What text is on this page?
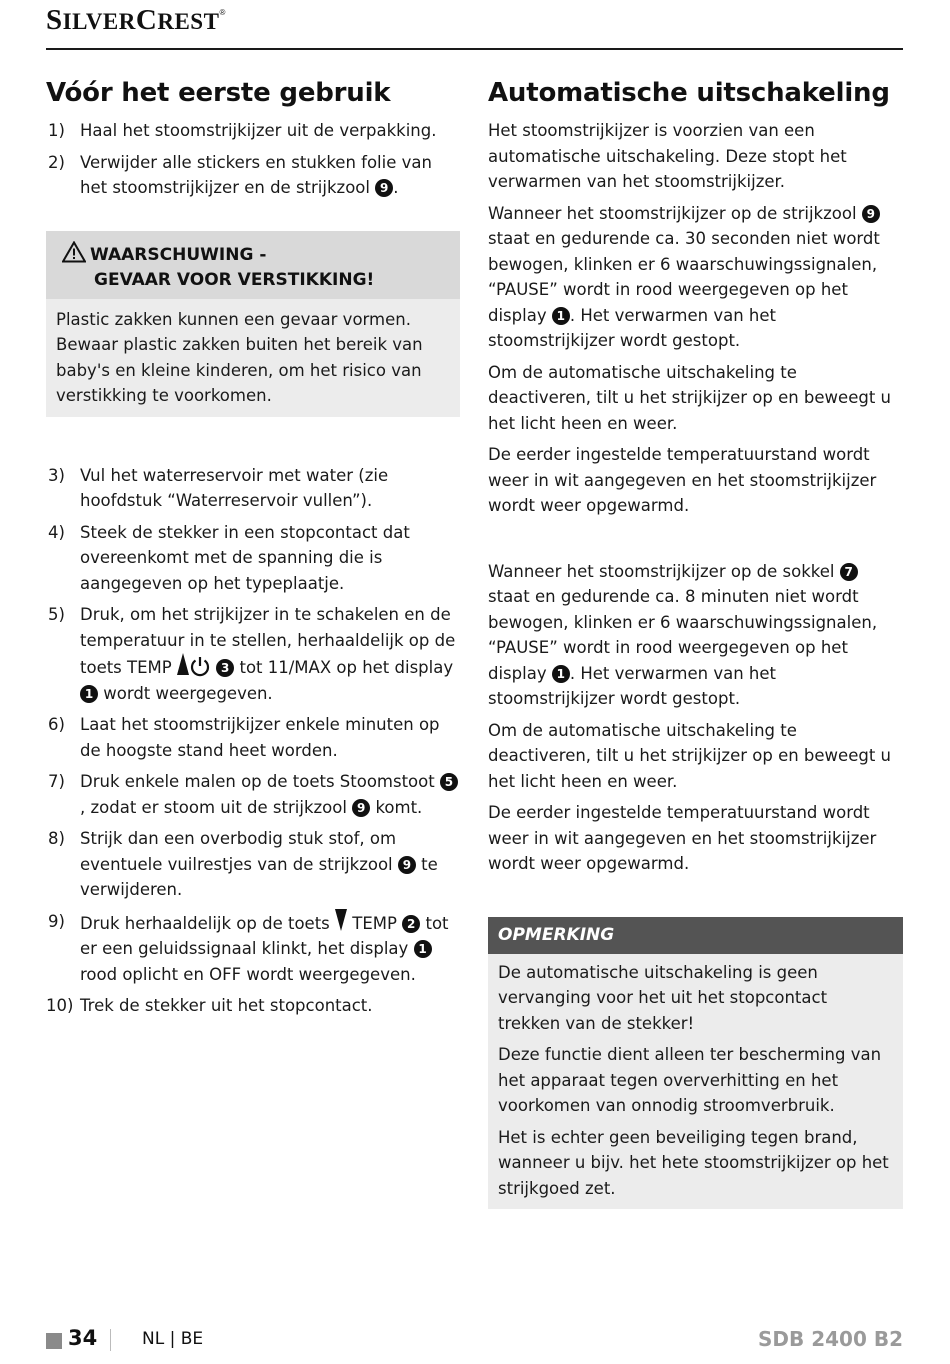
SILVERCREST®
Vóór het eerste gebruik
1) Haal het stoomstrijkijzer uit de verpakking.
2) Verwijder alle stickers en stukken folie van het stoomstrijkijzer en de strijkzool 9 .
WAARSCHUWING -
GEVAAR VOOR VERSTIKKING!

Plastic zakken kunnen een gevaar vormen. Bewaar plastic zakken buiten het bereik van baby's en kleine kinderen, om het risico van verstikking te voorkomen.

3) Vul het waterreservoir met water (zie hoofdstuk “Waterreservoir vullen”).
4) Steek de stekker in een stopcontact dat overeenkomt met de spanning die is aangegeven op het typeplaatje.
5) Druk, om het strijkijzer in te schakelen en de temperatuur in te stellen, herhaaldelijk op de toets TEMP	3 tot 11/MAX op het display 1 wordt weergegeven.
6) Laat het stoomstrijkijzer enkele minuten op de hoogste stand heet worden.
7) Druk enkele malen op de toets Stoomstoot 5, zodat er stoom uit de strijkzool 9 komt.
8) Strijk dan een overbodig stuk stof, om eventuele vuilrestjes van de strijkzool 9 te verwijderen.
9) Druk herhaaldelijk op de toets TEMP 2 tot er een geluidssignaal klinkt, het display 1 rood oplicht en OFF wordt weergegeven.
10) Trek de stekker uit het stopcontact.
Automatische uitschakeling

Het stoomstrijkijzer is voorzien van een automatische uitschakeling. Deze stopt het verwarmen van het stoomstrijkijzer.

Wanneer het stoomstrijkijzer op de strijkzool 9 staat en gedurende ca. 30 seconden niet wordt bewogen, klinken er 6 waarschuwingssignalen, “PAUSE” wordt in rood weergegeven op het display 1 . Het verwarmen van het stoomstrijkijzer wordt gestopt.

Om de automatische uitschakeling te deactiveren, tilt u het strijkijzer op en beweegt u het licht heen en weer.

De eerder ingestelde temperatuurstand wordt weer in wit aangegeven en het stoomstrijkijzer wordt weer opgewarmd.

Wanneer het stoomstrijkijzer op de sokkel 7 staat en gedurende ca. 8 minuten niet wordt bewogen, klinken er 6 waarschuwingssignalen, “PAUSE” wordt in rood weergegeven op het display 1 . Het verwarmen van het stoomstrijkijzer wordt gestopt.

Om de automatische uitschakeling te deactiveren, tilt u het strijkijzer op en beweegt u het licht heen en weer.

De eerder ingestelde temperatuurstand wordt weer in wit aangegeven en het stoomstrijkijzer wordt weer opgewarmd.

OPMERKING

De automatische uitschakeling is geen vervanging voor het uit het stopcontact trekken van de stekker!

Deze functie dient alleen ter bescherming van het apparaat tegen oververhitting en het voorkomen van onnodig stroomverbruik.

Het is echter geen beveiliging tegen brand, wanneer u bijv. het hete stoomstrijkijzer op het strijkgoed zet.

34	NL | BE	SDB 2400 B2
